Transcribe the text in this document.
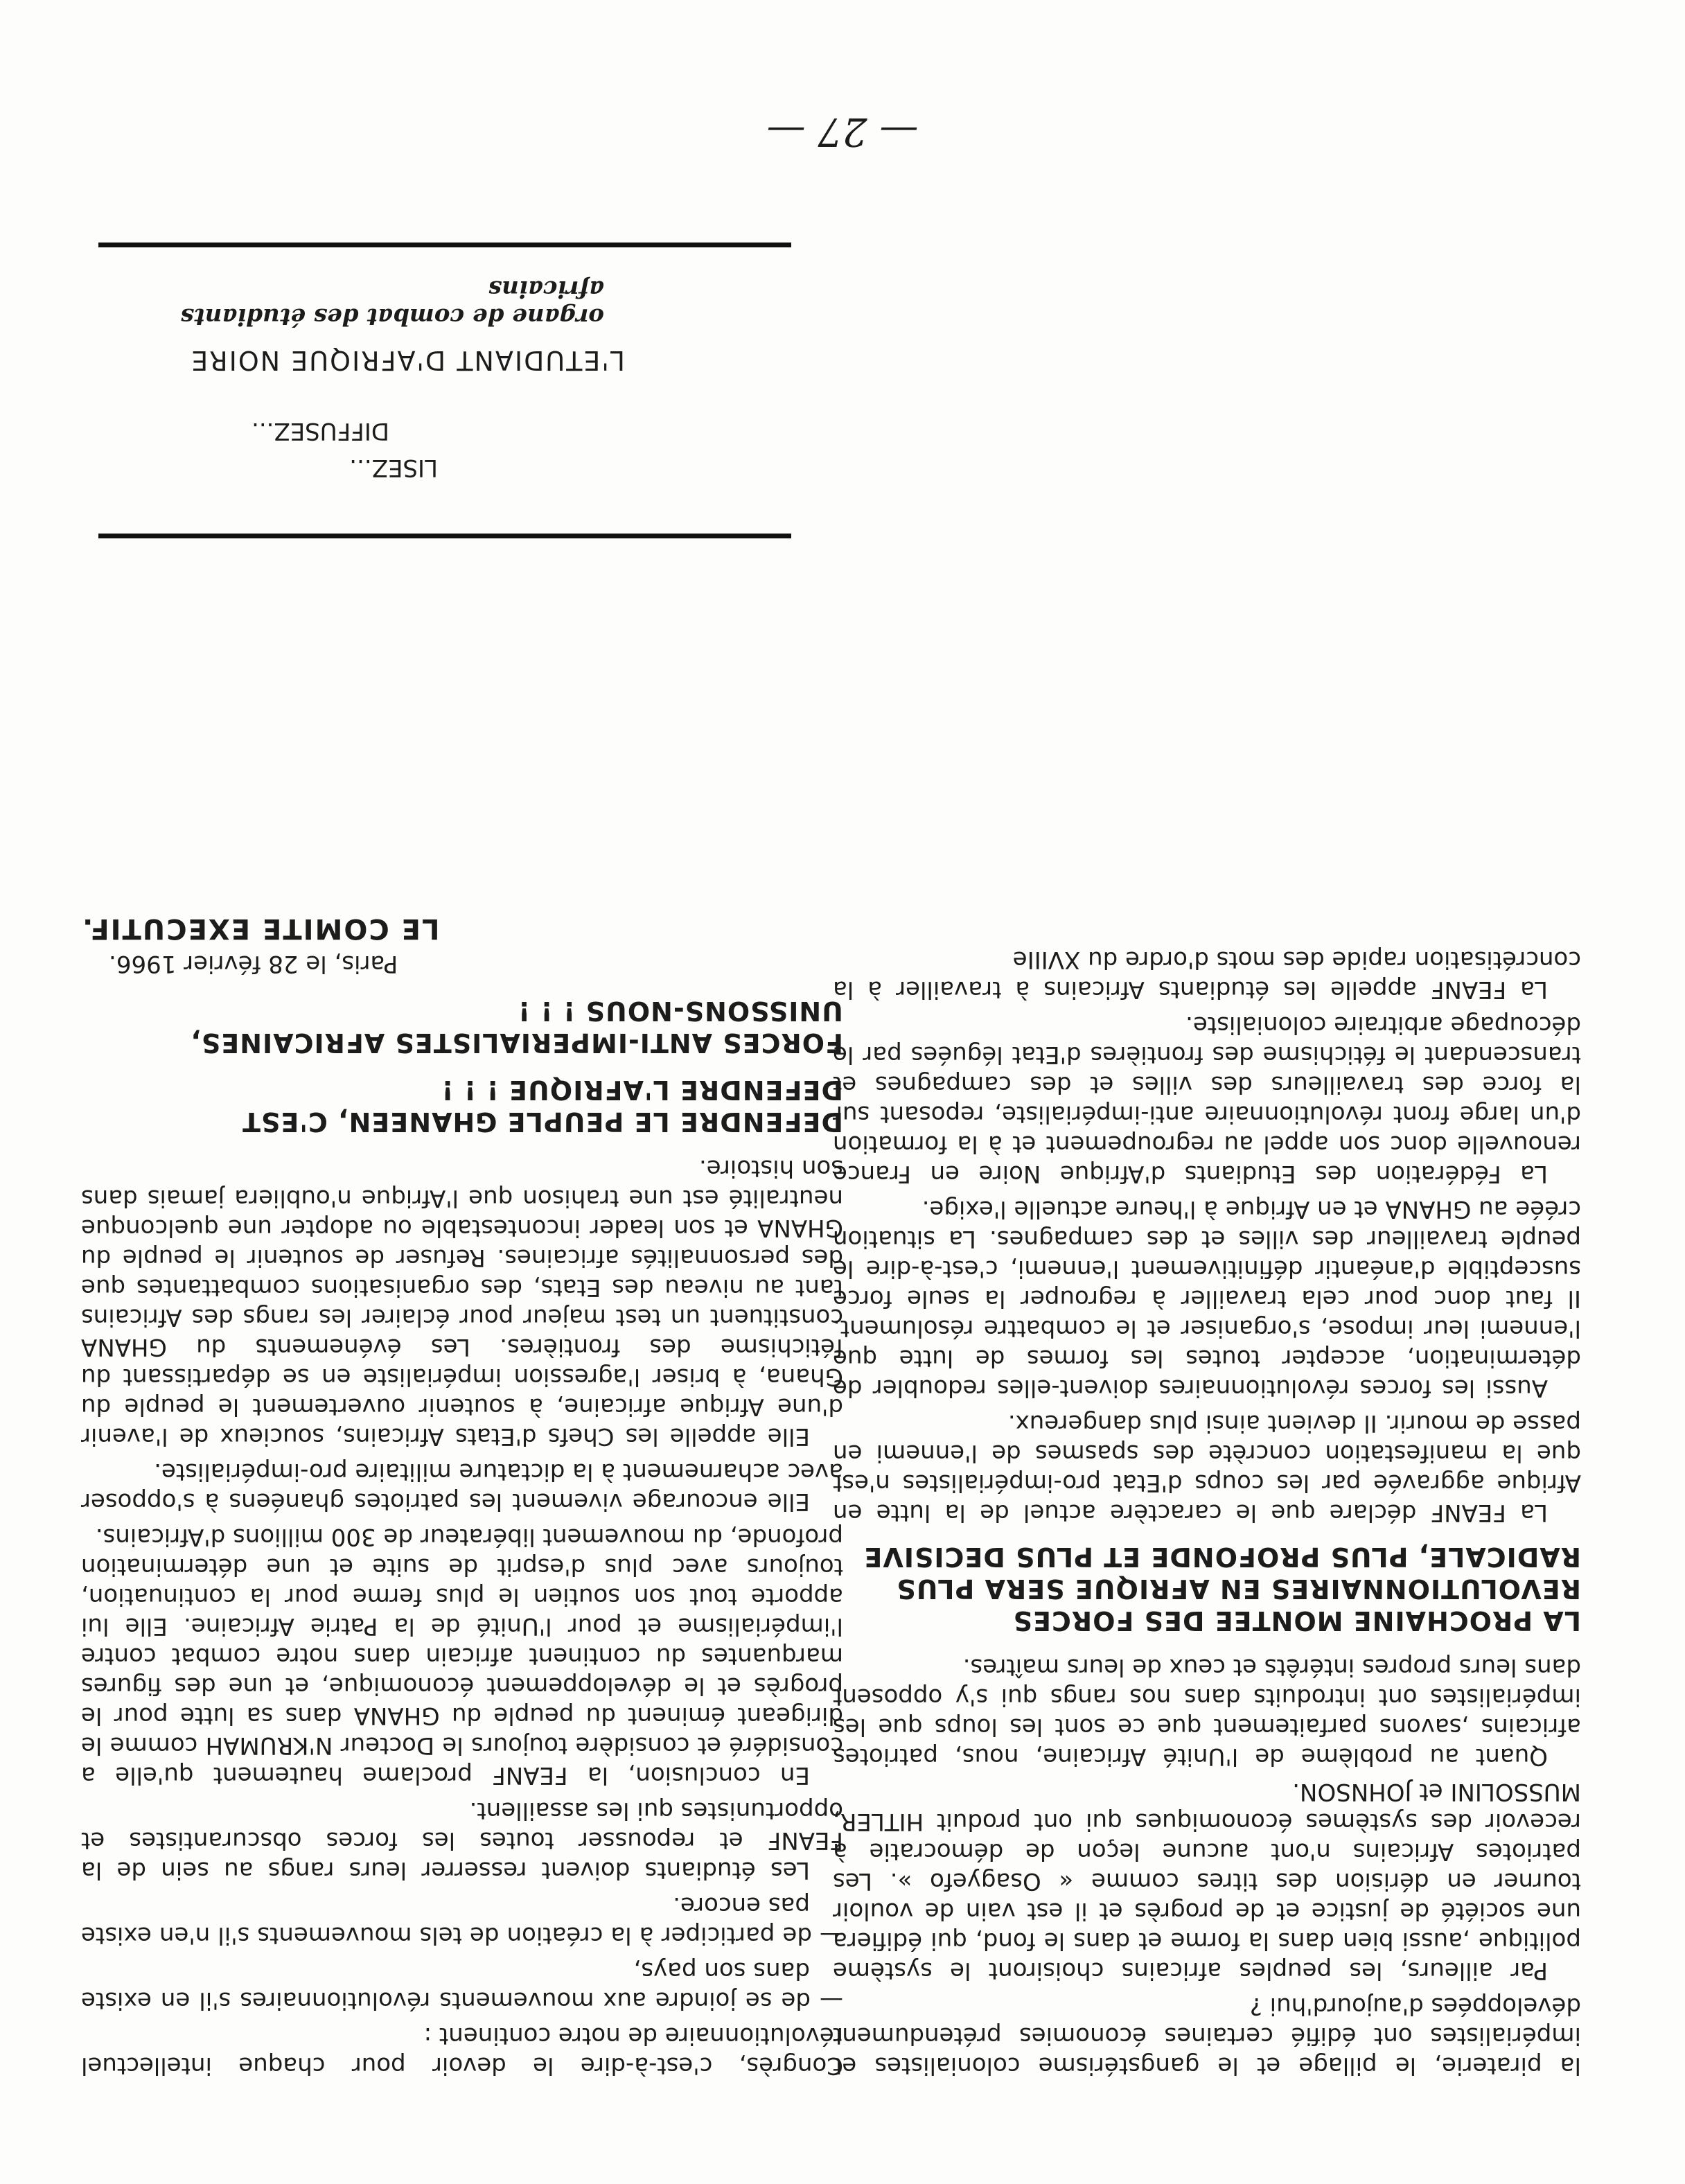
la piraterie, le pillage et le gangstérisme colonialistes et impérialistes ont édifié certaines économies prétendument développées d'aujourd'hui ?

Par ailleurs, les peuples africains choisiront le système politique ,aussi bien dans la forme et dans le fond, qui édifiera une société de justice et de progrès et il est vain de vouloir tourner en dérision des titres comme « Osagyefo ». Les patriotes Africains n'ont aucune leçon de démocratie à recevoir des systèmes économiques qui ont produit HITLER, MUSSOLINI et JOHNSON.

Quant au problème de l'Unité Africaine, nous, patriotes africains ,savons parfaitement que ce sont les loups que les impérialistes ont introduits dans nos rangs qui s'y opposent dans leurs propres intérêts et ceux de leurs maîtres.

LA PROCHAINE MONTEE DES FORCES REVOLUTIONNAIRES EN AFRIQUE SERA PLUS RADICALE, PLUS PROFONDE ET PLUS DECISIVE

La FEANF déclare que le caractère actuel de la lutte en Afrique aggravée par les coups d'Etat pro-impérialistes n'est que la manifestation concrète des spasmes de l'ennemi en passe de mourir. Il devient ainsi plus dangereux.

Aussi les forces révolutionnaires doivent-elles redoubler de détermination, accepter toutes les formes de lutte que l'ennemi leur impose, s'organiser et le combattre résolument. Il faut donc pour cela travailler à regrouper la seule force susceptible d'anéantir définitivement l'ennemi, c'est-à-dire le peuple travailleur des villes et des campagnes. La situation créée au GHANA et en Afrique à l'heure actuelle l'exige.

La Fédération des Etudiants d'Afrique Noire en France renouvelle donc son appel au regroupement et à la formation d'un large front révolutionnaire anti-impérialiste, reposant sur la force des travailleurs des villes et des campagnes et transcendant le fétichisme des frontières d'Etat léguées par le découpage arbitraire colonialiste.

La FEANF appelle les étudiants Africains à travailler à la concrétisation rapide des mots d'ordre du XVIIIe

Congrès, c'est-à-dire le devoir pour chaque intellectuel révolutionnaire de notre continent :

— de se joindre aux mouvements révolutionnaires s'il en existe dans son pays,

— de participer à la création de tels mouvements s'il n'en existe pas encore.

Les étudiants doivent resserrer leurs rangs au sein de la FEANF et repousser toutes les forces obscurantistes et opportunistes qui les assaillent.

En conclusion, la FEANF proclame hautement qu'elle a considéré et considère toujours le Docteur N'KRUMAH comme le dirigeant éminent du peuple du GHANA dans sa lutte pour le progrès et le développement économique, et une des figures marquantes du continent africain dans notre combat contre l'impérialisme et pour l'Unité de la Patrie Africaine. Elle lui apporte tout son soutien le plus ferme pour la continuation, toujours avec plus d'esprit de suite et une détermination profonde, du mouvement libérateur de 300 millions d'Africains.

Elle encourage vivement les patriotes ghanéens à s'opposer avec acharnement à la dictature militaire pro-impérialiste.

Elle appelle les Chefs d'Etats Africains, soucieux de l'avenir d'une Afrique africaine, à soutenir ouvertement le peuple du Ghana, à briser l'agression impérialiste en se départissant du fétichisme des frontières. Les événements du GHANA constituent un test majeur pour éclairer les rangs des Africains tant au niveau des Etats, des organisations combattantes que des personnalités africaines. Refuser de soutenir le peuple du GHANA et son leader incontestable ou adopter une quelconque neutralité est une trahison que l'Afrique n'oubliera jamais dans son histoire.

DEFENDRE LE PEUPLE GHANEEN, C'EST DEFENDRE L'AFRIQUE ! ! !

FORCES ANTI-IMPERIALISTES AFRICAINES, UNISSONS-NOUS ! ! !

Paris, le 28 février 1966.

LE COMITE EXECUTIF.

LISEZ...
DIFFUSEZ...
L'ETUDIANT D'AFRIQUE NOIRE
organe de combat des étudiants africains
— 27 —
